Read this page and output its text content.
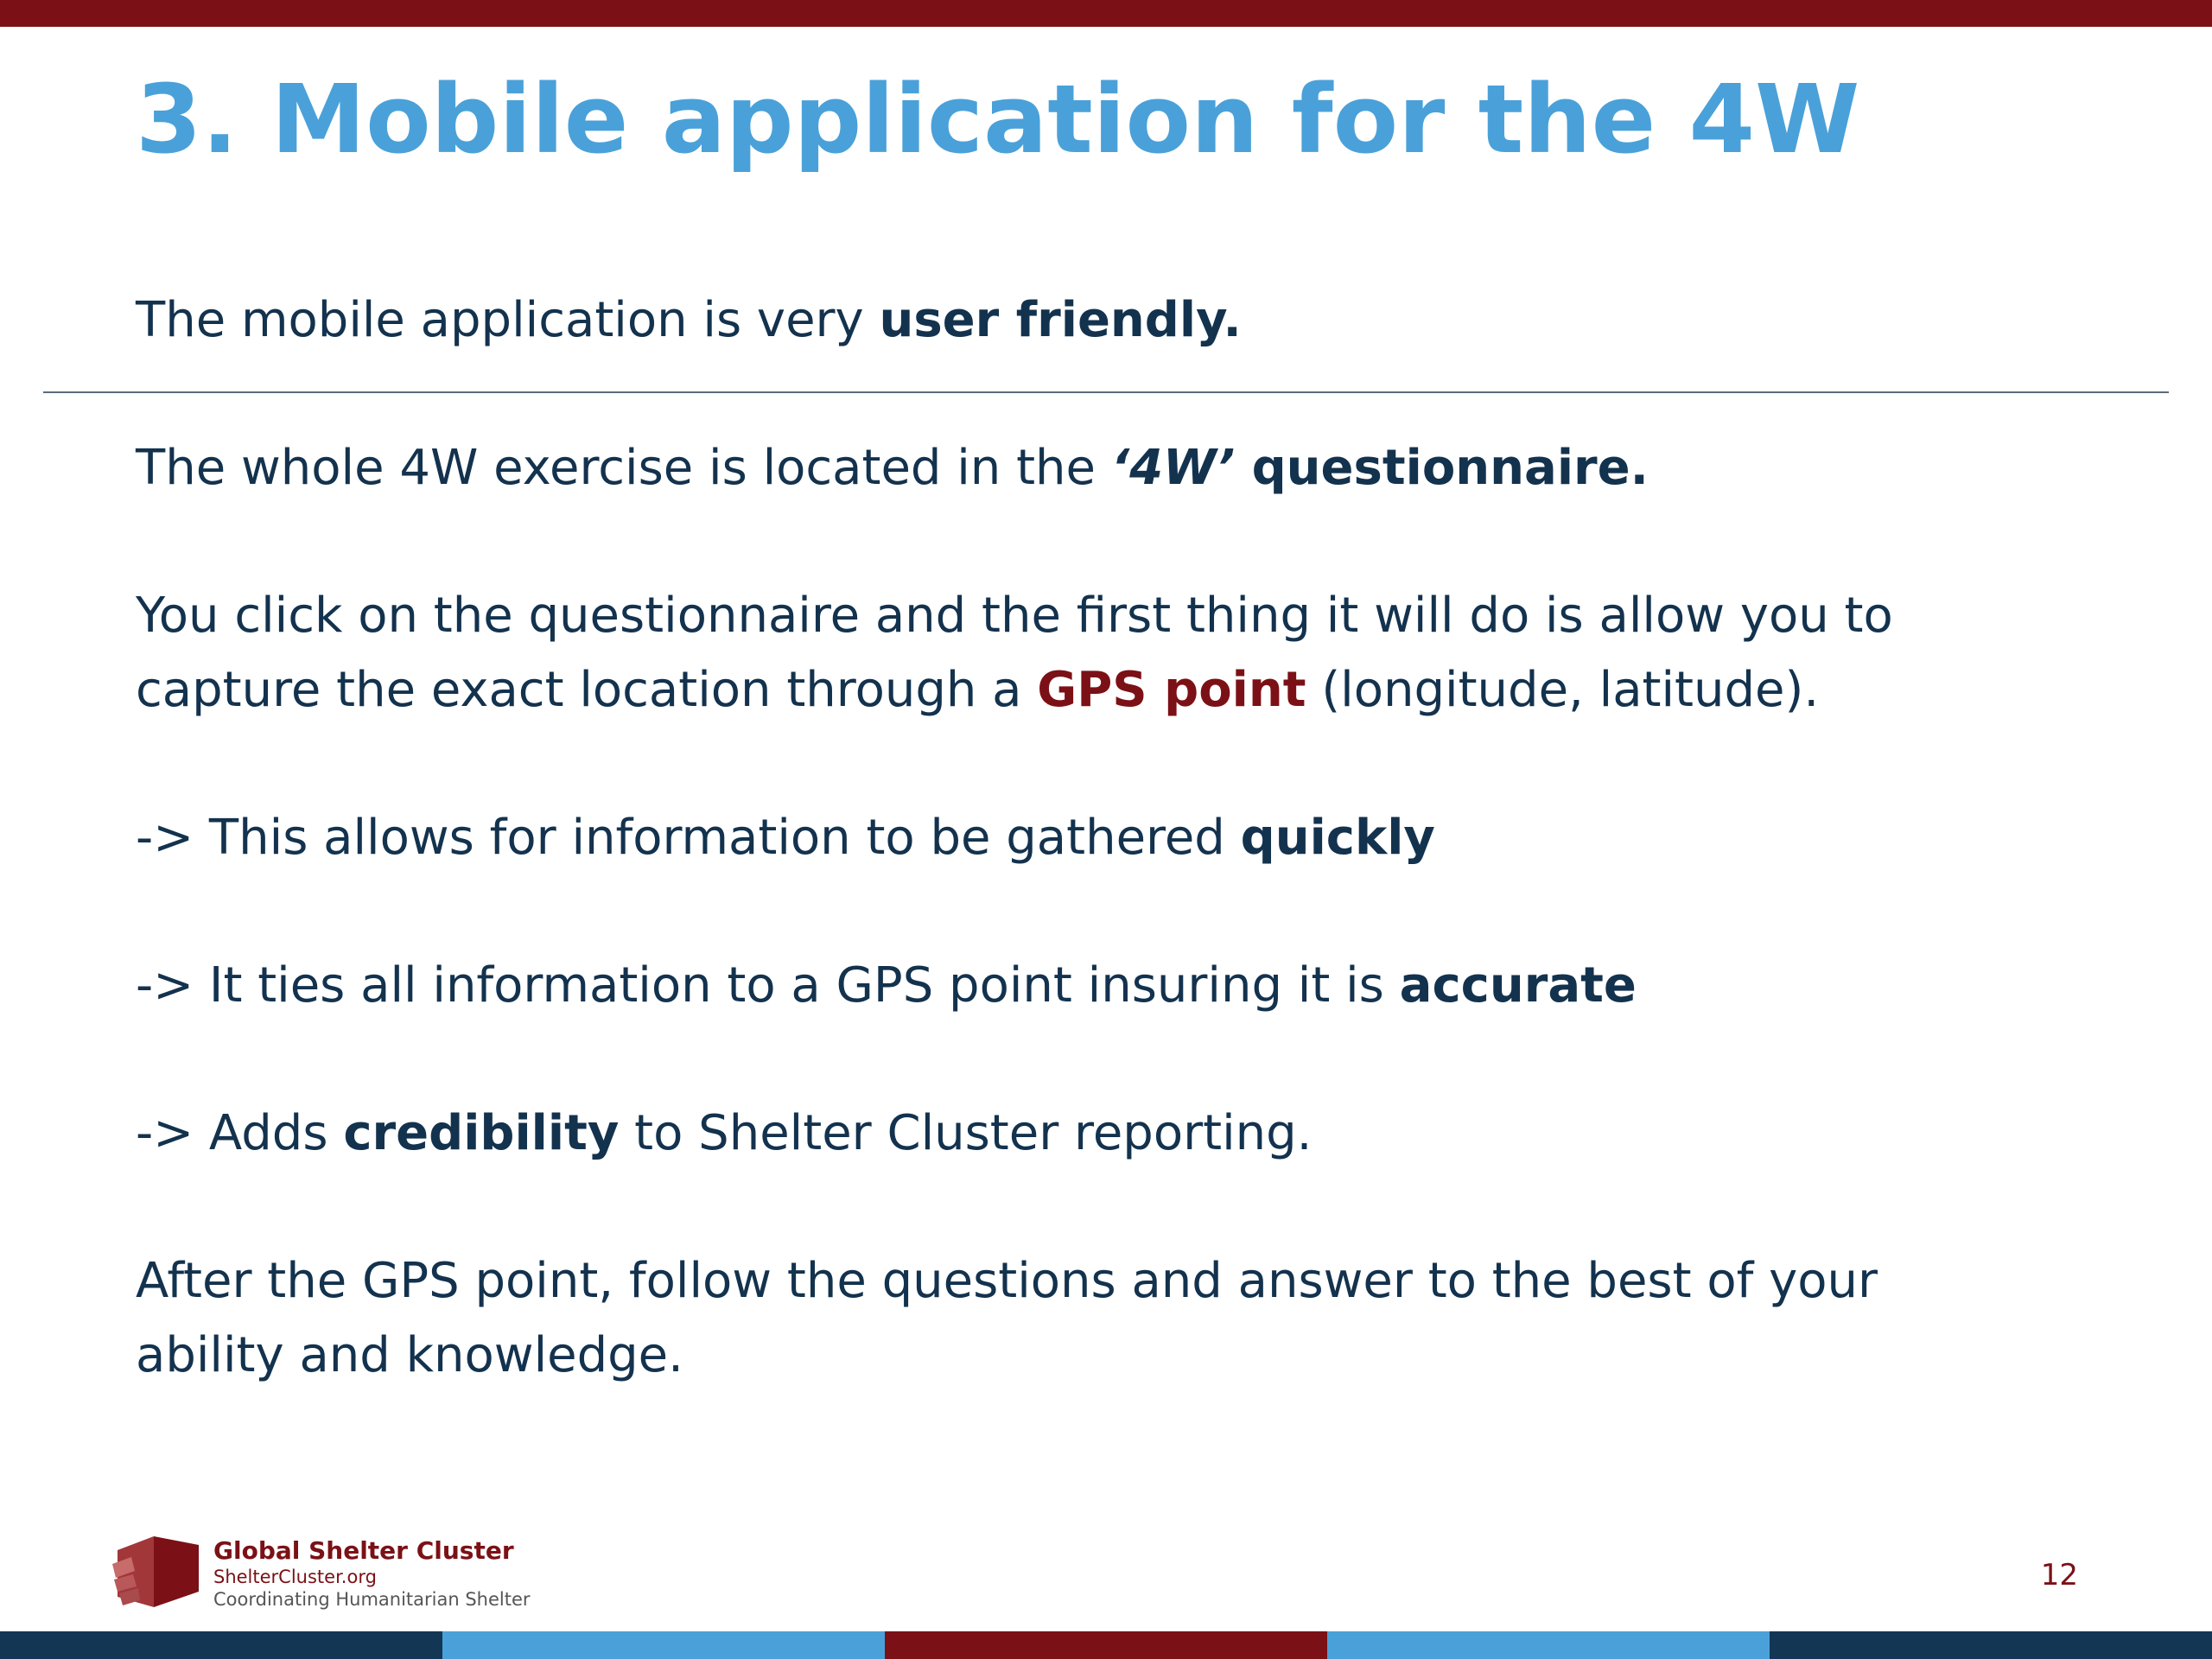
3. Mobile application for the 4W

The mobile application is very user friendly.

The whole 4W exercise is located in the ‘4W’ questionnaire.

You click on the questionnaire and the first thing it will do is allow you to
capture the exact location through a GPS point (longitude, latitude).

-> This allows for information to be gathered quickly

-> It ties all information to a GPS point insuring it is accurate

-> Adds credibility to Shelter Cluster reporting.

After the GPS point, follow the questions and answer to the best of your
ability and knowledge.

Global Shelter Cluster
ShelterCluster.org
Coordinating Humanitarian Shelter
12
